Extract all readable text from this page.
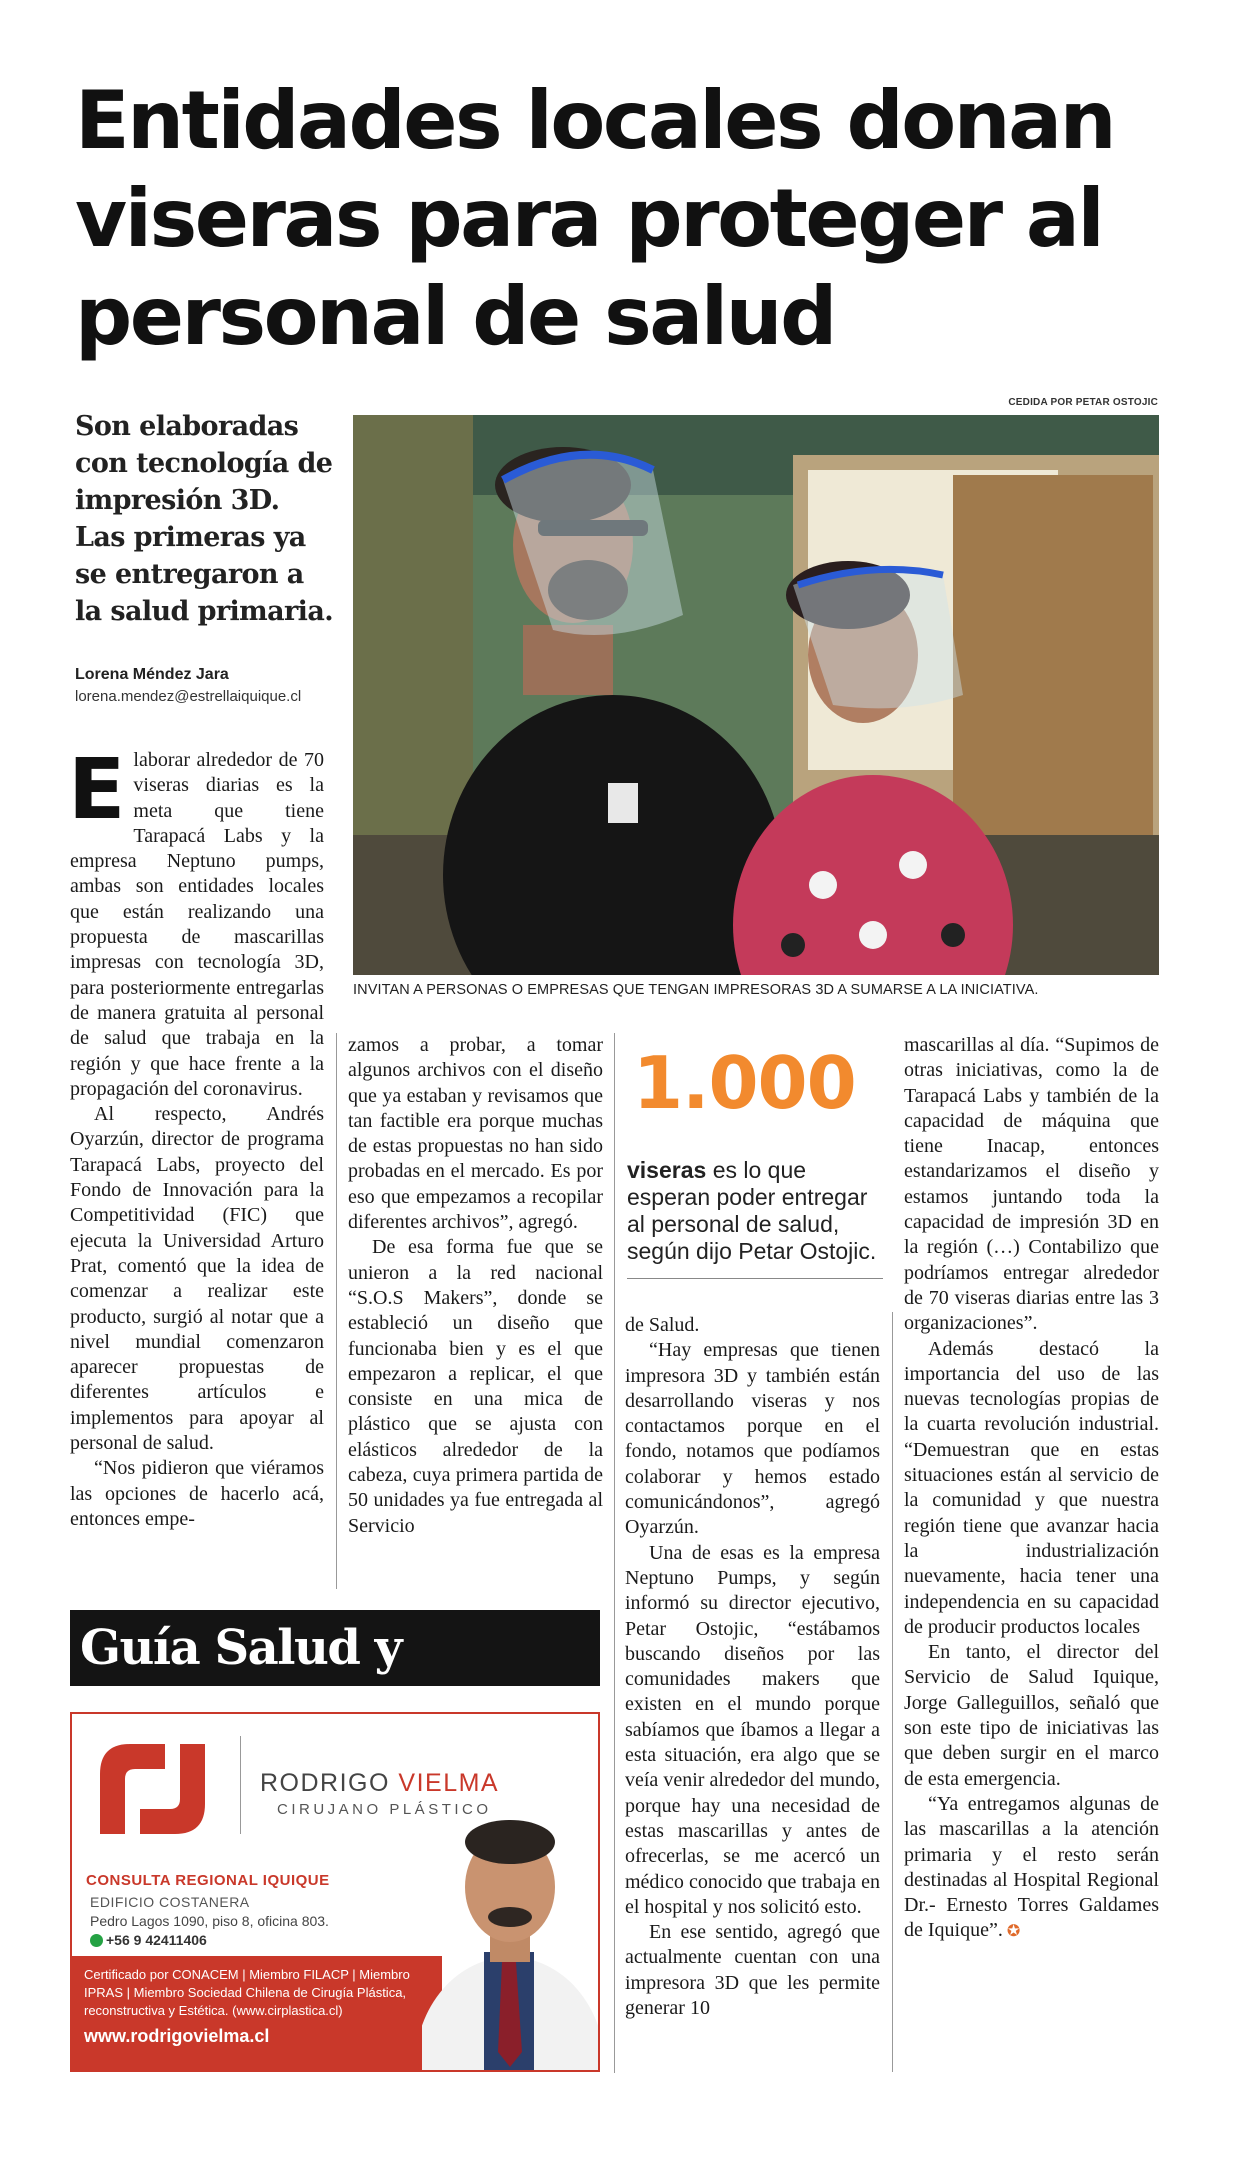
Entidades locales donan viseras para proteger al personal de salud
Son elaboradas con tecnología de impresión 3D. Las primeras ya se entregaron a la salud primaria.
Lorena Méndez Jara
lorena.mendez@estrellaiquique.cl
CEDIDA POR PETAR OSTOJIC
INVITAN A PERSONAS O EMPRESAS QUE TENGAN IMPRESORAS 3D A SUMARSE A LA INICIATIVA.

Elaborar alrededor de 70 viseras diarias es la meta que tiene Tarapacá Labs y la empresa Neptuno pumps, ambas son entidades locales que están realizando una propuesta de mascarillas impresas con tecnología 3D, para posteriormente entregarlas de manera gratuita al personal de salud que trabaja en la región y que hace frente a la propagación del coronavirus.

Al respecto, Andrés Oyarzún, director de programa Tarapacá Labs, proyecto del Fondo de Innovación para la Competitividad (FIC) que ejecuta la Universidad Arturo Prat, comentó que la idea de comenzar a realizar este producto, surgió al notar que a nivel mundial comenzaron aparecer propuestas de diferentes artículos e implementos para apoyar al personal de salud.

“Nos pidieron que viéramos las opciones de hacerlo acá, entonces empe-

zamos a probar, a tomar algunos archivos con el diseño que ya estaban y revisamos que tan factible era porque muchas de estas propuestas no han sido probadas en el mercado. Es por eso que empezamos a recopilar diferentes archivos”, agregó.

De esa forma fue que se unieron a la red nacional “S.O.S Makers”, donde se estableció un diseño que funcionaba bien y es el que empezaron a replicar, el que consiste en una mica de plástico que se ajusta con elásticos alrededor de la cabeza, cuya primera partida de 50 unidades ya fue entregada al Servicio

1.000
viseras es lo que esperan poder entregar al personal de salud, según dijo Petar Ostojic.

de Salud.

“Hay empresas que tienen impresora 3D y también están desarrollando viseras y nos contactamos porque en el fondo, notamos que podíamos colaborar y hemos estado comunicándonos”, agregó Oyarzún.

Una de esas es la empresa Neptuno Pumps, y según informó su director ejecutivo, Petar Ostojic, “estábamos buscando diseños por las comunidades makers que existen en el mundo porque sabíamos que íbamos a llegar a esta situación, era algo que se veía venir alrededor del mundo, porque hay una necesidad de estas mascarillas y antes de ofrecerlas, se me acercó un médico conocido que trabaja en el hospital y nos solicitó esto.

En ese sentido, agregó que actualmente cuentan con una impresora 3D que les permite generar 10

mascarillas al día. “Supimos de otras iniciativas, como la de Tarapacá Labs y también de la capacidad de máquina que tiene Inacap, entonces estandarizamos el diseño y estamos juntando toda la capacidad de impresión 3D en la región (…) Contabilizo que podríamos entregar alrededor de 70 viseras diarias entre las 3 organizaciones”.

Además destacó la importancia del uso de las nuevas tecnologías propias de la cuarta revolución industrial. “Demuestran que en estas situaciones están al servicio de la comunidad y que nuestra región tiene que avanzar hacia la industrialización nuevamente, hacia tener una independencia en su capacidad de producir productos locales

En tanto, el director del Servicio de Salud Iquique, Jorge Galleguillos, señaló que son este tipo de iniciativas las que deben surgir en el marco de esta emergencia.

“Ya entregamos algunas de las mascarillas a la atención primaria y el resto serán destinadas al Hospital Regional Dr.- Ernesto Torres Galdames de Iquique”. ✪

Guía Salud y
RODRIGO VIELMA
CIRUJANO PLÁSTICO
CONSULTA REGIONAL IQUIQUE
EDIFICIO COSTANERA
Pedro Lagos 1090, piso 8, oficina 803.
+56 9 42411406
Certificado por CONACEM | Miembro FILACP | Miembro IPRAS | Miembro Sociedad Chilena de Cirugía Plástica, reconstructiva y Estética. (www.cirplastica.cl)
www.rodrigovielma.cl
